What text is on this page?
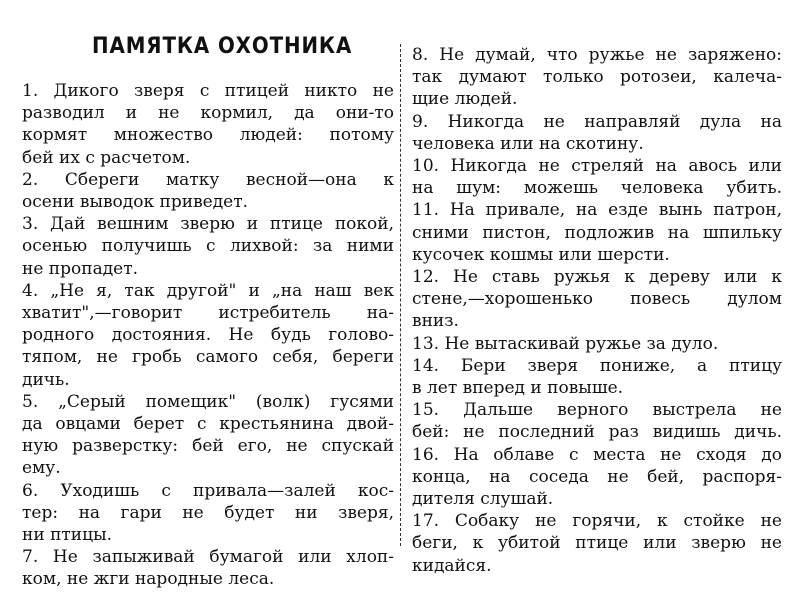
ПАМЯТКА ОХОТНИКА
1. Дикого зверя с птицей никто не
разводил и не кормил, да они-то
кормят множество людей: потому
бей их с расчетом.
2. Сбереги матку весной—она к
осени выводок приведет.
3. Дай вешним зверю и птице покой,
осенью получишь с лихвой: за ними
не пропадет.
4. „Не я, так другой" и „на наш век
хватит",—говорит истребитель на-
родного достояния. Не будь голово-
тяпом, не гробь самого себя, береги
дичь.
5. „Серый помещик" (волк) гусями
да овцами берет с крестьянина двой-
ную разверстку: бей его, не спускай
ему.
6. Уходишь с привала—залей кос-
тер: на гари не будет ни зверя,
ни птицы.
7. Не запыживай бумагой или хлоп-
ком, не жги народные леса.
8. Не думай, что ружье не заряжено:
так думают только ротозеи, калеча-
щие людей.
9. Никогда не направляй дула на
человека или на скотину.
10. Никогда не стреляй на авось или
на шум: можешь человека убить.
11. На привале, на езде вынь патрон,
сними пистон, подложив на шпильку
кусочек кошмы или шерсти.
12. Не ставь ружья к дереву или к
стене,—хорошенько повесь дулом
вниз.
13. Не вытаскивай ружье за дуло.
14. Бери зверя пониже, а птицу
в лет вперед и повыше.
15. Дальше верного выстрела не
бей: не последний раз видишь дичь.
16. На облаве с места не сходя до
конца, на соседа не бей, распоря-
дителя слушай.
17. Собаку не горячи, к стойке не
беги, к убитой птице или зверю не
кидайся.
